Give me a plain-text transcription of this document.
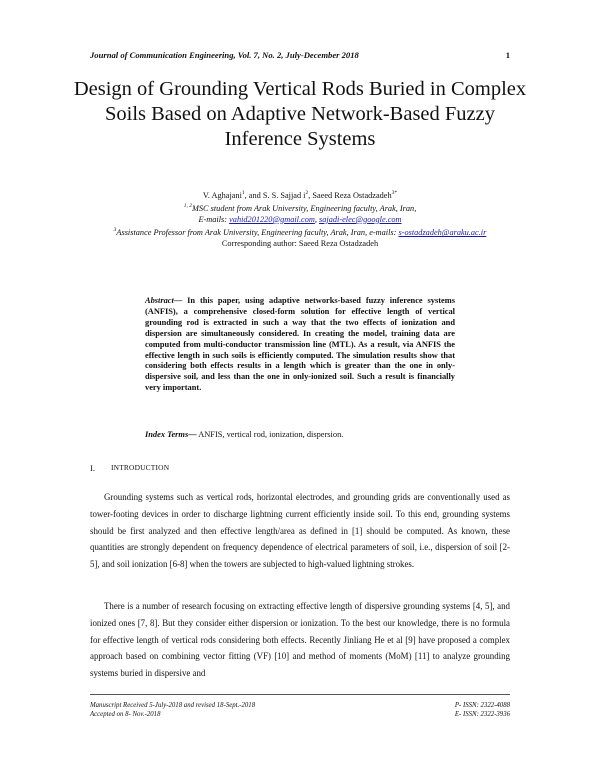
Journal of Communication Engineering, Vol. 7, No. 2, July-December 2018	1
Design of Grounding Vertical Rods Buried in Complex Soils Based on Adaptive Network-Based Fuzzy Inference Systems
V. Aghajani$^1$, and S. S. Sajjad $i^2$, Saeed Reza Ostadzadeh$^{3*}$
$^{1, 2}$MSC student from Arak University, Engineering faculty, Arak, Iran,
E-mails: vahid201220@gmail.com, sajadi-elec@google.com
$^3$Assistance Professor from Arak University, Engineering faculty, Arak, Iran, e-mails: s-ostadzadeh@araku.ac.ir
Corresponding author: Saeed Reza Ostadzadeh
Abstract— In this paper, using adaptive networks-based fuzzy inference systems (ANFIS), a comprehensive closed-form solution for effective length of vertical grounding rod is extracted in such a way that the two effects of ionization and dispersion are simultaneously considered. In creating the model, training data are computed from multi-conductor transmission line (MTL). As a result, via ANFIS the effective length in such soils is efficiently computed. The simulation results show that considering both effects results in a length which is greater than the one in only-dispersive soil, and less than the one in only-ionized soil. Such a result is financially very important.
Index Terms— ANFIS, vertical rod, ionization, dispersion.
I. INTRODUCTION

Grounding systems such as vertical rods, horizontal electrodes, and grounding grids are conventionally used as tower-footing devices in order to discharge lightning current efficiently inside soil. To this end, grounding systems should be first analyzed and then effective length/area as defined in [1] should be computed. As known, these quantities are strongly dependent on frequency dependence of electrical parameters of soil, i.e., dispersion of soil [2-5], and soil ionization [6-8] when the towers are subjected to high-valued lightning strokes.

There is a number of research focusing on extracting effective length of dispersive grounding systems [4, 5], and ionized ones [7, 8]. But they consider either dispersion or ionization. To the best our knowledge, there is no formula for effective length of vertical rods considering both effects. Recently Jinliang He et al [9] have proposed a complex approach based on combining vector fitting (VF) [10] and method of moments (MoM) [11] to analyze grounding systems buried in dispersive and

Manuscript Received 5-July-2018 and revised 18-Sept.-2018
Accepted on 8- Nov.-2018
P- ISSN: 2322-4088
E- ISSN: 2322-3936
